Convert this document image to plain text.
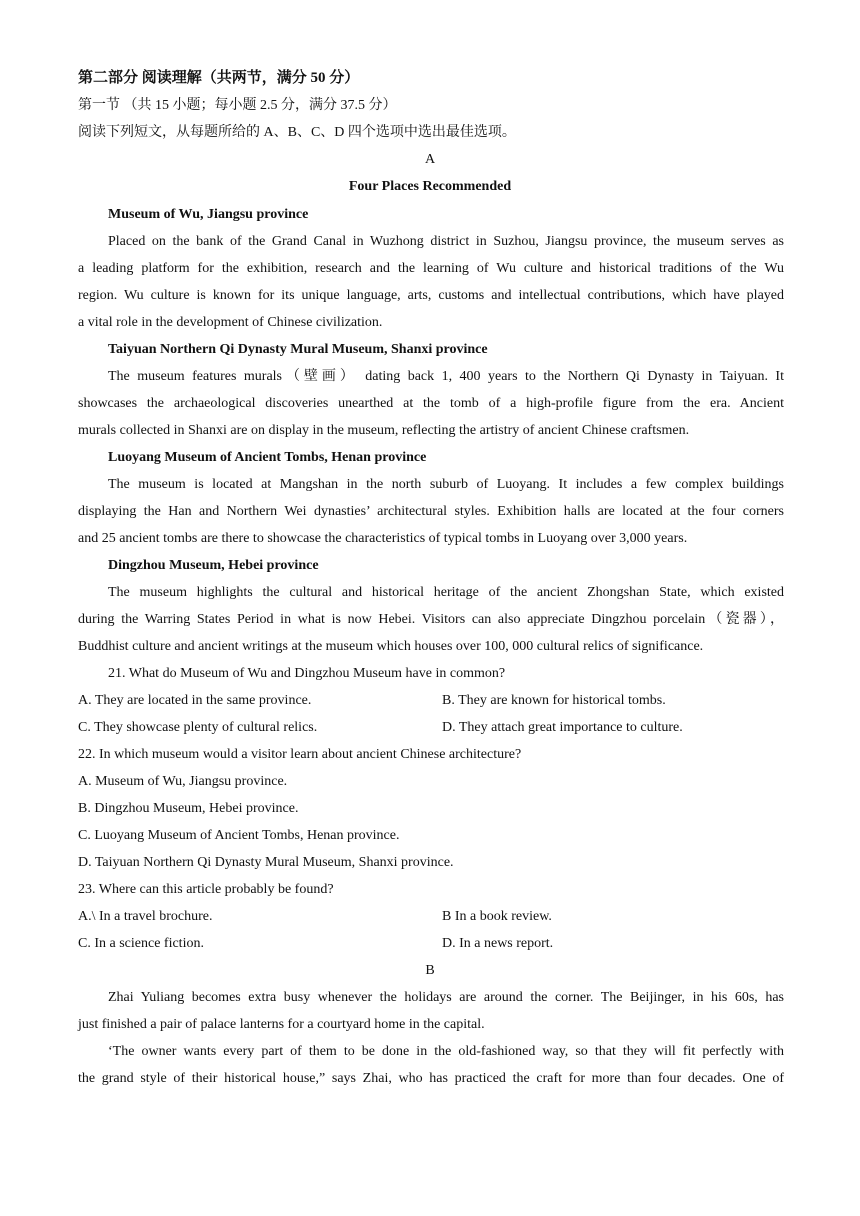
第二部分 阅读理解（共两节，满分 50 分）
第一节 （共 15 小题；每小题 2.5 分，满分 37.5 分）
阅读下列短文，从每题所给的 A、B、C、D 四个选项中选出最佳选项。
A
Four Places Recommended
Museum of Wu, Jiangsu province
Placed on the bank of the Grand Canal in Wuzhong district in Suzhou, Jiangsu province, the museum serves as
a leading platform for the exhibition, research and the learning of Wu culture and historical traditions of the Wu
region. Wu culture is known for its unique language, arts, customs and intellectual contributions, which have played
a vital role in the development of Chinese civilization.
Taiyuan Northern Qi Dynasty Mural Museum, Shanxi province
The museum features murals（壁画） dating back 1, 400 years to the Northern Qi Dynasty in Taiyuan. It
showcases the archaeological discoveries unearthed at the tomb of a high-profile figure from the era. Ancient
murals collected in Shanxi are on display in the museum, reflecting the artistry of ancient Chinese craftsmen.
Luoyang Museum of Ancient Tombs, Henan province
The museum is located at Mangshan in the north suburb of Luoyang. It includes a few complex buildings
displaying the Han and Northern Wei dynasties’ architectural styles. Exhibition halls are located at the four corners
and 25 ancient tombs are there to showcase the characteristics of typical tombs in Luoyang over 3,000 years.
Dingzhou Museum, Hebei province
The museum highlights the cultural and historical heritage of the ancient Zhongshan State, which existed
during the Warring States Period in what is now Hebei. Visitors can also appreciate Dingzhou porcelain（瓷器），
Buddhist culture and ancient writings at the museum which houses over 100, 000 cultural relics of significance.
21. What do Museum of Wu and Dingzhou Museum have in common?
A. They are located in the same province.	B. They are known for historical tombs.
C. They showcase plenty of cultural relics.	D. They attach great importance to culture.
22. In which museum would a visitor learn about ancient Chinese architecture?
A. Museum of Wu, Jiangsu province.
B. Dingzhou Museum, Hebei province.
C. Luoyang Museum of Ancient Tombs, Henan province.
D. Taiyuan Northern Qi Dynasty Mural Museum, Shanxi province.
23. Where can this article probably be found?
A.\ In a travel brochure.	B In a book review.
C. In a science fiction.	D. In a news report.
B
Zhai Yuliang becomes extra busy whenever the holidays are around the corner. The Beijinger, in his 60s, has
just finished a pair of palace lanterns for a courtyard home in the capital.
‘The owner wants every part of them to be done in the old-fashioned way, so that they will fit perfectly with
the grand style of their historical house,” says Zhai, who has practiced the craft for more than four decades. One of
